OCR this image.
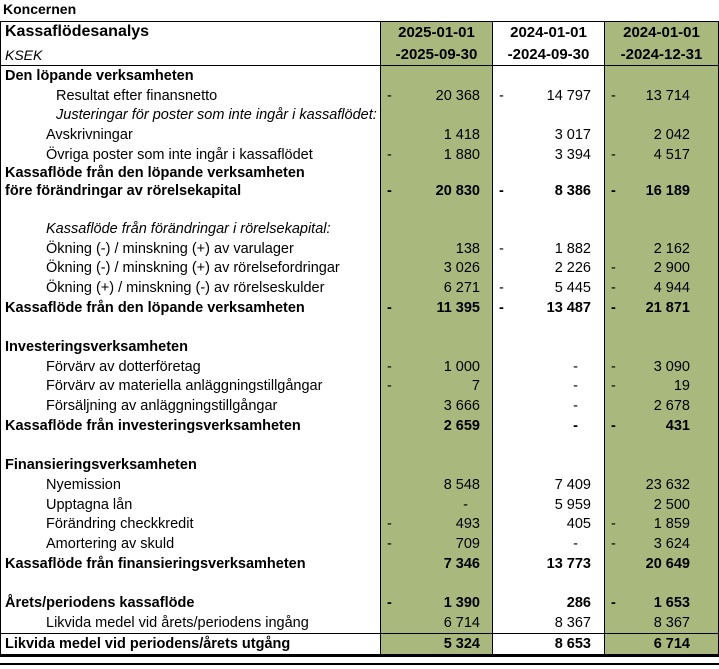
Koncernen
Kassaflödesanalys
KSEK
2025-01-01
-2025-09-30
2024-01-01
-2024-09-30
2024-01-01
-2024-12-31
Den löpande verksamheten
Resultat efter finansnetto	-	20 368 -	14 797 - 13 714
Justeringar för poster som inte ingår i kassaflödet:
Avskrivningar	1 418	3 017	2 042
Övriga poster som inte ingår i kassaflödet	-	1 880	3 394 -	4 517
Kassaflöde från den löpande verksamheten
före förändringar av rörelsekapital	-	20 830 -	8 386 - 16 189
Kassaflöde från förändringar i rörelsekapital:
Ökning (-) / minskning (+) av varulager	138 -	1 882	2 162
Ökning (-) / minskning (+) av rörelsefordringar	3 026	2 226 -	2 900
Ökning (+) / minskning (-) av rörelseskulder	6 271 -	5 445 -	4 944
Kassaflöde från den löpande verksamheten	-	11 395 -	13 487 - 21 871
Investeringsverksamheten
Förvärv av dotterföretag	-	1 000	- -	3 090
Förvärv av materiella anläggningstillgångar	-	7	- -	19
Försäljning av anläggningstillgångar	3 666	-	2 678
Kassaflöde från investeringsverksamheten	2 659	- -	431
Finansieringsverksamheten
Nyemission	8 548	7 409	23 632
Upptagna lån	-	5 959	2 500
Förändring checkkredit	-	493	405 -	1 859
Amortering av skuld	-	709	- -	3 624
Kassaflöde från finansieringsverksamheten	7 346	13 773	20 649
Årets/periodens kassaflöde	-	1 390	286 -	1 653
Likvida medel vid årets/periodens ingång	6 714	8 367	8 367
Likvida medel vid periodens/årets utgång	5 324	8 653	6 714
